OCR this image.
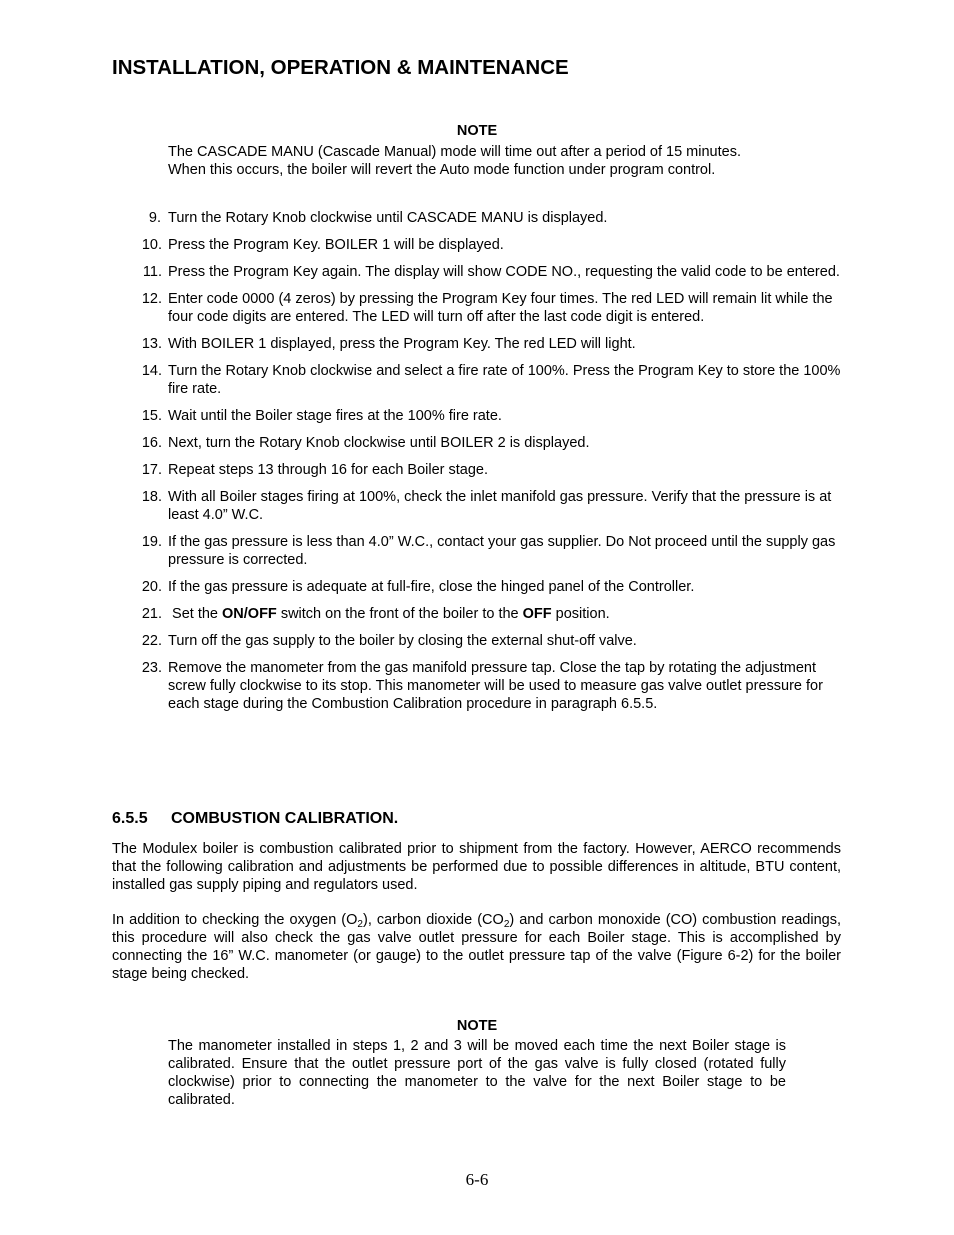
INSTALLATION, OPERATION & MAINTENANCE
NOTE
The CASCADE MANU (Cascade Manual) mode will time out after a period of 15 minutes.
When this occurs, the boiler will revert the Auto mode function under program control.
9. Turn the Rotary Knob clockwise until CASCADE MANU is displayed.
10. Press the Program Key. BOILER 1 will be displayed.
11. Press the Program Key again. The display will show CODE NO., requesting the valid code to be entered.
12. Enter code 0000 (4 zeros) by pressing the Program Key four times. The red LED will remain lit while the four code digits are entered. The LED will turn off after the last code digit is entered.
13. With BOILER 1 displayed, press the Program Key. The red LED will light.
14. Turn the Rotary Knob clockwise and select a fire rate of 100%. Press the Program Key to store the 100% fire rate.
15. Wait until the Boiler stage fires at the 100% fire rate.
16. Next, turn the Rotary Knob clockwise until BOILER 2 is displayed.
17. Repeat steps 13 through 16 for each Boiler stage.
18. With all Boiler stages firing at 100%, check the inlet manifold gas pressure. Verify that the pressure is at least 4.0” W.C.
19. If the gas pressure is less than 4.0” W.C., contact your gas supplier. Do Not proceed until the supply gas pressure is corrected.
20. If the gas pressure is adequate at full-fire, close the hinged panel of the Controller.
21. Set the ON/OFF switch on the front of the boiler to the OFF position.
22. Turn off the gas supply to the boiler by closing the external shut-off valve.
23. Remove the manometer from the gas manifold pressure tap. Close the tap by rotating the adjustment screw fully clockwise to its stop. This manometer will be used to measure gas valve outlet pressure for each stage during the Combustion Calibration procedure in paragraph 6.5.5.
6.5.5 COMBUSTION CALIBRATION.
The Modulex boiler is combustion calibrated prior to shipment from the factory. However, AERCO recommends that the following calibration and adjustments be performed due to possible differences in altitude, BTU content, installed gas supply piping and regulators used.
In addition to checking the oxygen $(O_2)$, carbon dioxide $(CO_2)$ and carbon monoxide (CO) combustion readings, this procedure will also check the gas valve outlet pressure for each Boiler stage. This is accomplished by connecting the 16” W.C. manometer (or gauge) to the outlet pressure tap of the valve (Figure 6-2) for the boiler stage being checked.
NOTE
The manometer installed in steps 1, 2 and 3 will be moved each time the next Boiler stage is calibrated. Ensure that the outlet pressure port of the gas valve is fully closed (rotated fully clockwise) prior to connecting the manometer to the valve for the next Boiler stage to be calibrated.
6-6
